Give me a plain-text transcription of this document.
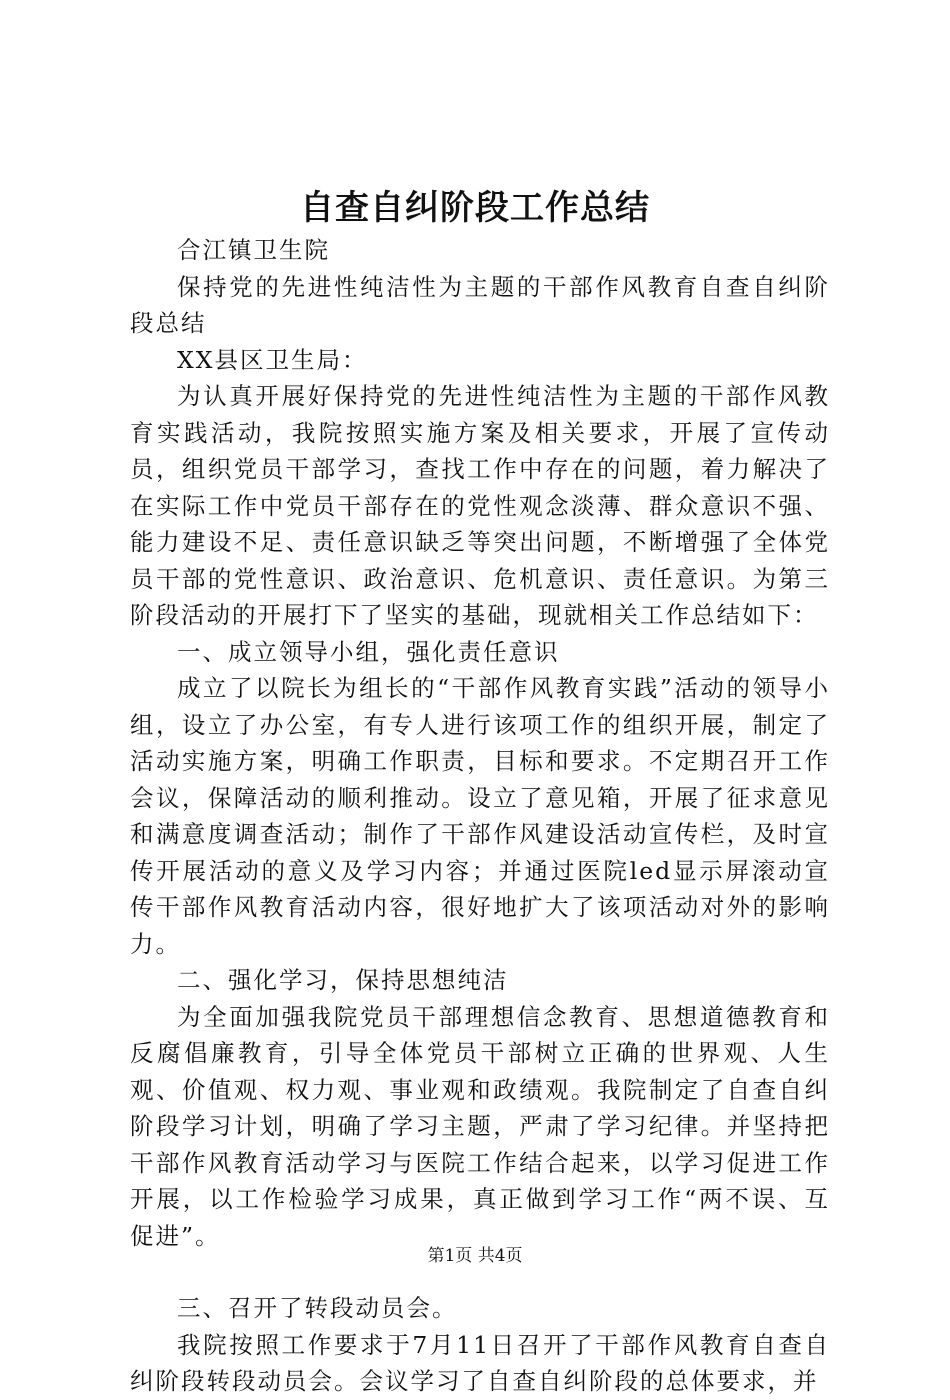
自查自纠阶段工作总结

合江镇卫生院

保持党的先进性纯洁性为主题的干部作风教育自查自纠阶段总结

XX县区卫生局：

为认真开展好保持党的先进性纯洁性为主题的干部作风教育实践活动，我院按照实施方案及相关要求，开展了宣传动员，组织党员干部学习，查找工作中存在的问题，着力解决了在实际工作中党员干部存在的党性观念淡薄、群众意识不强、能力建设不足、责任意识缺乏等突出问题，不断增强了全体党员干部的党性意识、政治意识、危机意识、责任意识。为第三阶段活动的开展打下了坚实的基础，现就相关工作总结如下：

一、成立领导小组，强化责任意识

成立了以院长为组长的“干部作风教育实践”活动的领导小组，设立了办公室，有专人进行该项工作的组织开展，制定了活动实施方案，明确工作职责，目标和要求。不定期召开工作会议，保障活动的顺利推动。设立了意见箱，开展了征求意见和满意度调查活动；制作了干部作风建设活动宣传栏，及时宣传开展活动的意义及学习内容；并通过医院led显示屏滚动宣传干部作风教育活动内容，很好地扩大了该项活动对外的影响力。

二、强化学习，保持思想纯洁

为全面加强我院党员干部理想信念教育、思想道德教育和反腐倡廉教育，引导全体党员干部树立正确的世界观、人生观、价值观、权力观、事业观和政绩观。我院制定了自查自纠阶段学习计划，明确了学习主题，严肃了学习纪律。并坚持把干部作风教育活动学习与医院工作结合起来，以学习促进工作开展，以工作检验学习成果，真正做到学习工作“两不误、互促进”。

三、召开了转段动员会。

我院按照工作要求于7月11日召开了干部作风教育自查自纠阶段转段动员会。会议学习了自查自纠阶段的总体要求，并

第1页 共4页
